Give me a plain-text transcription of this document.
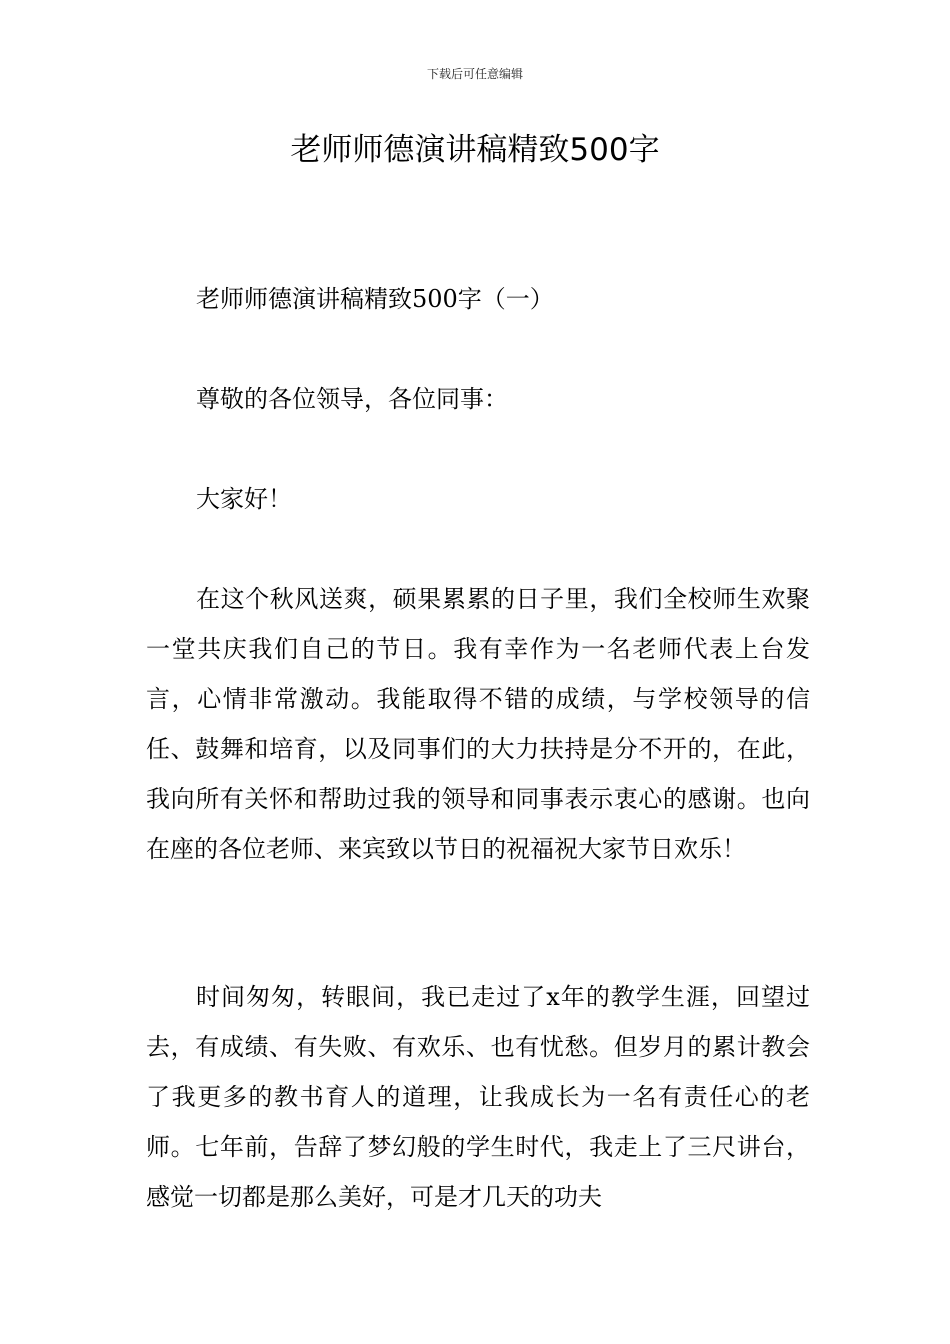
下载后可任意编辑
老师师德演讲稿精致500字

老师师德演讲稿精致500字（一）

尊敬的各位领导，各位同事：

大家好！

在这个秋风送爽，硕果累累的日子里，我们全校师生欢聚一堂共庆我们自己的节日。我有幸作为一名老师代表上台发言，心情非常激动。我能取得不错的成绩，与学校领导的信任、鼓舞和培育，以及同事们的大力扶持是分不开的，在此，我向所有关怀和帮助过我的领导和同事表示衷心的感谢。也向在座的各位老师、来宾致以节日的祝福祝大家节日欢乐！

时间匆匆，转眼间，我已走过了x年的教学生涯，回望过去，有成绩、有失败、有欢乐、也有忧愁。但岁月的累计教会了我更多的教书育人的道理，让我成长为一名有责任心的老师。七年前，告辞了梦幻般的学生时代，我走上了三尺讲台，感觉一切都是那么美好，可是才几天的功夫
